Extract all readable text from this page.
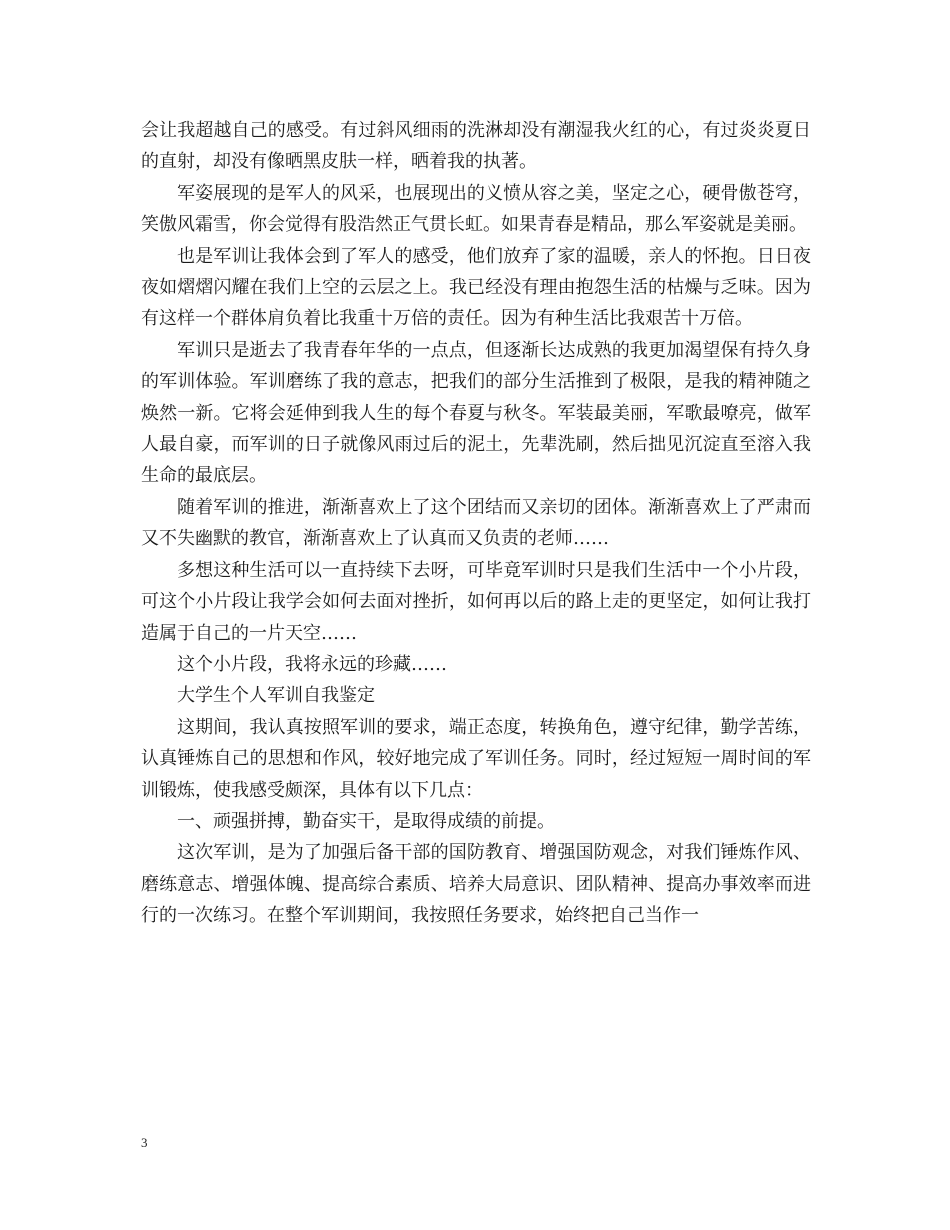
会让我超越自己的感受。有过斜风细雨的洗淋却没有潮湿我火红的心，有过炎炎夏日的直射，却没有像晒黑皮肤一样，晒着我的执著。

军姿展现的是军人的风采，也展现出的义愤从容之美，坚定之心，硬骨傲苍穹，笑傲风霜雪，你会觉得有股浩然正气贯长虹。如果青春是精品，那么军姿就是美丽。

也是军训让我体会到了军人的感受，他们放弃了家的温暖，亲人的怀抱。日日夜夜如熠熠闪耀在我们上空的云层之上。我已经没有理由抱怨生活的枯燥与乏味。因为有这样一个群体肩负着比我重十万倍的责任。因为有种生活比我艰苦十万倍。

军训只是逝去了我青春年华的一点点，但逐渐长达成熟的我更加渴望保有持久身的军训体验。军训磨练了我的意志，把我们的部分生活推到了极限，是我的精神随之焕然一新。它将会延伸到我人生的每个春夏与秋冬。军装最美丽，军歌最嘹亮，做军人最自豪，而军训的日子就像风雨过后的泥土，先辈洗刷，然后拙见沉淀直至溶入我生命的最底层。

随着军训的推进，渐渐喜欢上了这个团结而又亲切的团体。渐渐喜欢上了严肃而又不失幽默的教官，渐渐喜欢上了认真而又负责的老师……

多想这种生活可以一直持续下去呀，可毕竟军训时只是我们生活中一个小片段，可这个小片段让我学会如何去面对挫折，如何再以后的路上走的更坚定，如何让我打造属于自己的一片天空……

这个小片段，我将永远的珍藏……

大学生个人军训自我鉴定

这期间，我认真按照军训的要求，端正态度，转换角色，遵守纪律，勤学苦练，认真锤炼自己的思想和作风，较好地完成了军训任务。同时，经过短短一周时间的军训锻炼，使我感受颇深，具体有以下几点：

一、顽强拼搏，勤奋实干，是取得成绩的前提。

这次军训，是为了加强后备干部的国防教育、增强国防观念，对我们锤炼作风、磨练意志、增强体魄、提高综合素质、培养大局意识、团队精神、提高办事效率而进行的一次练习。在整个军训期间，我按照任务要求，始终把自己当作一

3
